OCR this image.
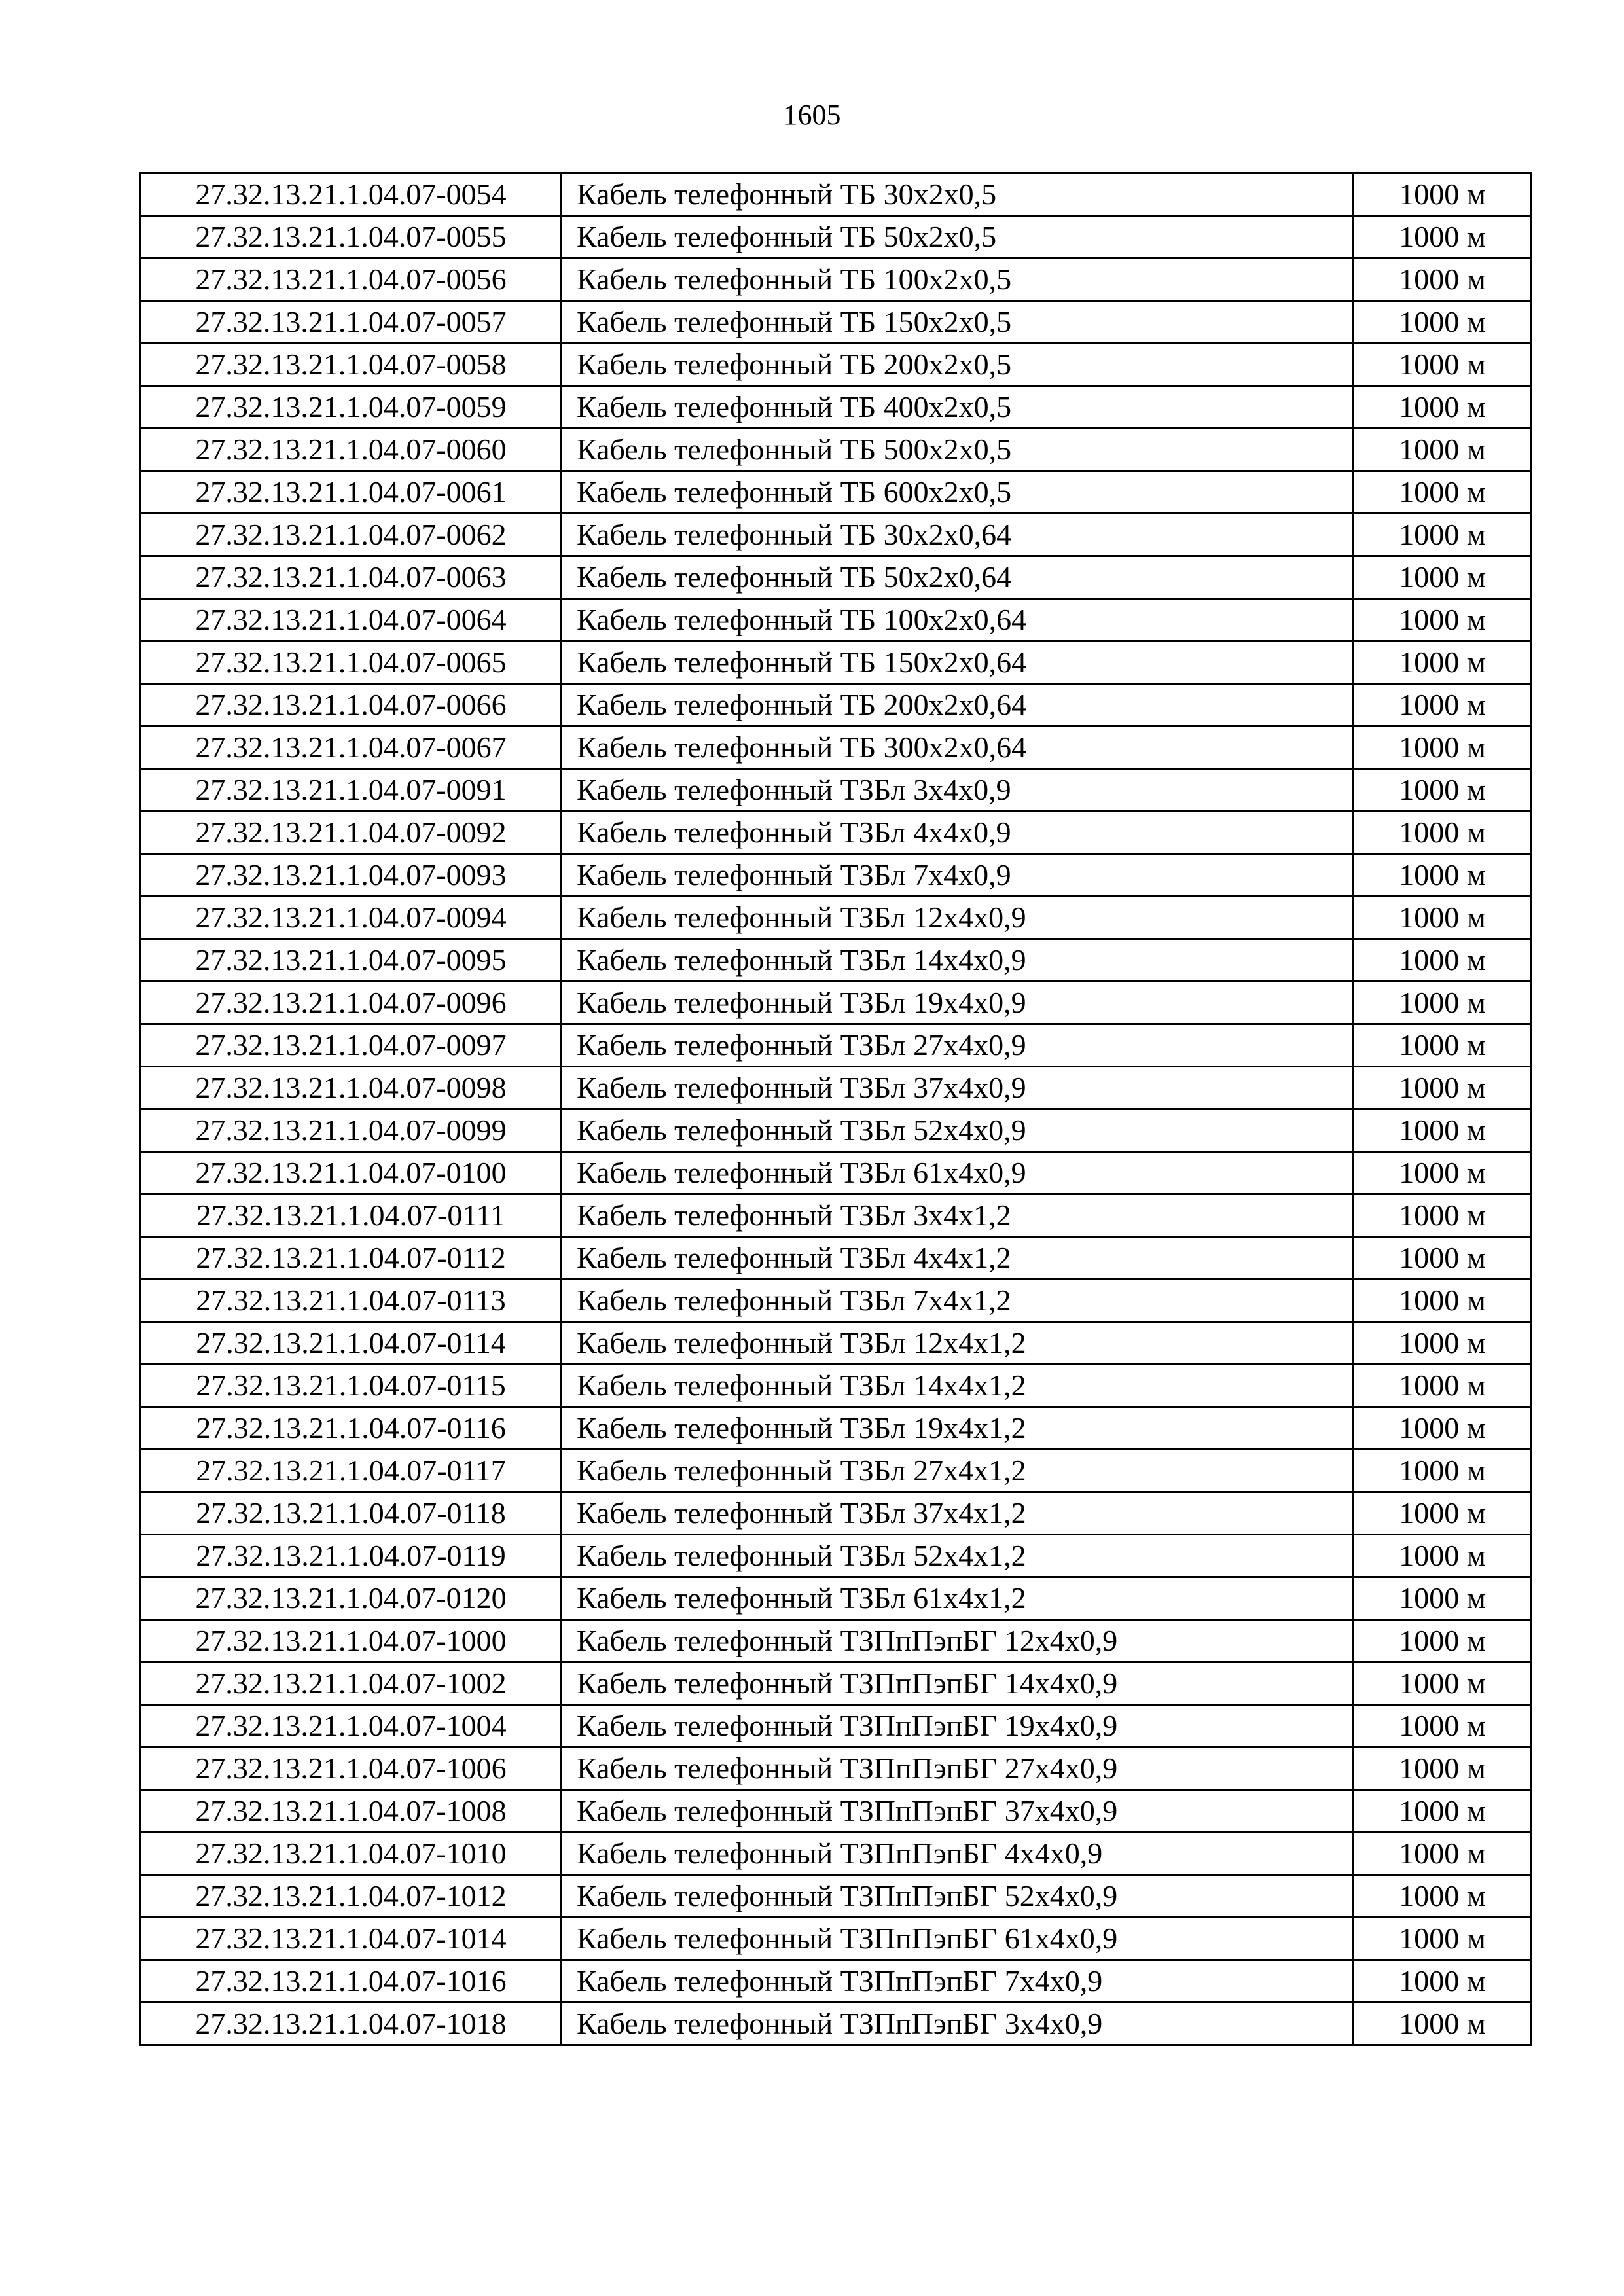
1605
27.32.13.21.1.04.07-0054	Кабель телефонный ТБ 30х2х0,5	1000 м
27.32.13.21.1.04.07-0055	Кабель телефонный ТБ 50х2х0,5	1000 м
27.32.13.21.1.04.07-0056	Кабель телефонный ТБ 100х2х0,5	1000 м
27.32.13.21.1.04.07-0057	Кабель телефонный ТБ 150х2х0,5	1000 м
27.32.13.21.1.04.07-0058	Кабель телефонный ТБ 200х2х0,5	1000 м
27.32.13.21.1.04.07-0059	Кабель телефонный ТБ 400х2х0,5	1000 м
27.32.13.21.1.04.07-0060	Кабель телефонный ТБ 500х2х0,5	1000 м
27.32.13.21.1.04.07-0061	Кабель телефонный ТБ 600х2х0,5	1000 м
27.32.13.21.1.04.07-0062	Кабель телефонный ТБ 30х2х0,64	1000 м
27.32.13.21.1.04.07-0063	Кабель телефонный ТБ 50х2х0,64	1000 м
27.32.13.21.1.04.07-0064	Кабель телефонный ТБ 100х2х0,64	1000 м
27.32.13.21.1.04.07-0065	Кабель телефонный ТБ 150х2х0,64	1000 м
27.32.13.21.1.04.07-0066	Кабель телефонный ТБ 200х2х0,64	1000 м
27.32.13.21.1.04.07-0067	Кабель телефонный ТБ 300х2х0,64	1000 м
27.32.13.21.1.04.07-0091	Кабель телефонный ТЗБл 3х4х0,9	1000 м
27.32.13.21.1.04.07-0092	Кабель телефонный ТЗБл 4х4х0,9	1000 м
27.32.13.21.1.04.07-0093	Кабель телефонный ТЗБл 7х4х0,9	1000 м
27.32.13.21.1.04.07-0094	Кабель телефонный ТЗБл 12х4х0,9	1000 м
27.32.13.21.1.04.07-0095	Кабель телефонный ТЗБл 14х4х0,9	1000 м
27.32.13.21.1.04.07-0096	Кабель телефонный ТЗБл 19х4х0,9	1000 м
27.32.13.21.1.04.07-0097	Кабель телефонный ТЗБл 27х4х0,9	1000 м
27.32.13.21.1.04.07-0098	Кабель телефонный ТЗБл 37х4х0,9	1000 м
27.32.13.21.1.04.07-0099	Кабель телефонный ТЗБл 52х4х0,9	1000 м
27.32.13.21.1.04.07-0100	Кабель телефонный ТЗБл 61х4х0,9	1000 м
27.32.13.21.1.04.07-0111	Кабель телефонный ТЗБл 3х4х1,2	1000 м
27.32.13.21.1.04.07-0112	Кабель телефонный ТЗБл 4х4х1,2	1000 м
27.32.13.21.1.04.07-0113	Кабель телефонный ТЗБл 7х4х1,2	1000 м
27.32.13.21.1.04.07-0114	Кабель телефонный ТЗБл 12х4х1,2	1000 м
27.32.13.21.1.04.07-0115	Кабель телефонный ТЗБл 14х4х1,2	1000 м
27.32.13.21.1.04.07-0116	Кабель телефонный ТЗБл 19х4х1,2	1000 м
27.32.13.21.1.04.07-0117	Кабель телефонный ТЗБл 27х4х1,2	1000 м
27.32.13.21.1.04.07-0118	Кабель телефонный ТЗБл 37х4х1,2	1000 м
27.32.13.21.1.04.07-0119	Кабель телефонный ТЗБл 52х4х1,2	1000 м
27.32.13.21.1.04.07-0120	Кабель телефонный ТЗБл 61х4х1,2	1000 м
27.32.13.21.1.04.07-1000	Кабель телефонный ТЗПпПэпБГ 12х4х0,9	1000 м
27.32.13.21.1.04.07-1002	Кабель телефонный ТЗПпПэпБГ 14х4х0,9	1000 м
27.32.13.21.1.04.07-1004	Кабель телефонный ТЗПпПэпБГ 19х4х0,9	1000 м
27.32.13.21.1.04.07-1006	Кабель телефонный ТЗПпПэпБГ 27х4х0,9	1000 м
27.32.13.21.1.04.07-1008	Кабель телефонный ТЗПпПэпБГ 37х4х0,9	1000 м
27.32.13.21.1.04.07-1010	Кабель телефонный ТЗПпПэпБГ 4х4х0,9	1000 м
27.32.13.21.1.04.07-1012	Кабель телефонный ТЗПпПэпБГ 52х4х0,9	1000 м
27.32.13.21.1.04.07-1014	Кабель телефонный ТЗПпПэпБГ 61х4х0,9	1000 м
27.32.13.21.1.04.07-1016	Кабель телефонный ТЗПпПэпБГ 7х4х0,9	1000 м
27.32.13.21.1.04.07-1018	Кабель телефонный ТЗПпПэпБГ 3х4х0,9	1000 м
